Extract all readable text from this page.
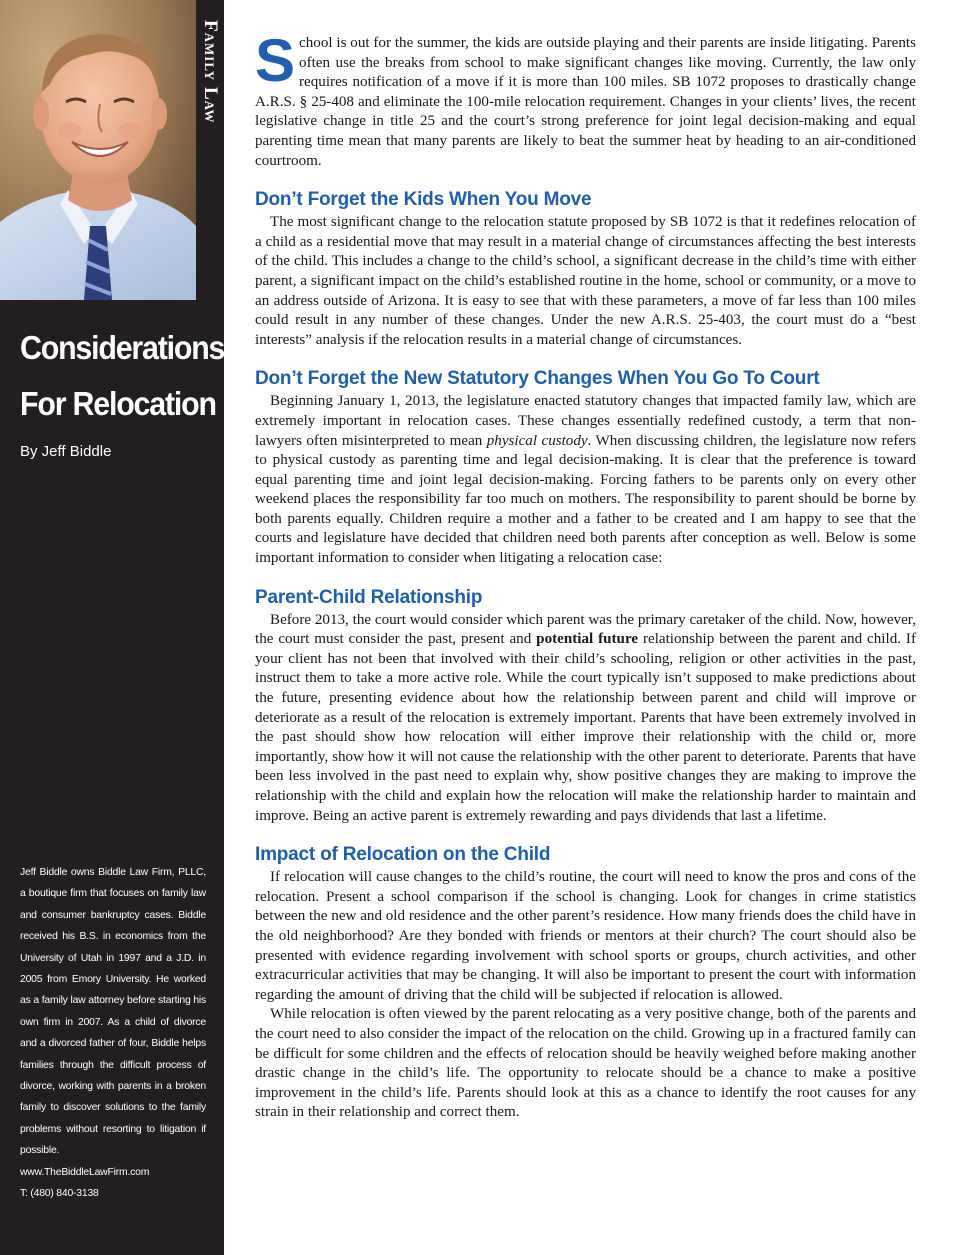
Family Law
Considerations
For Relocation
By Jeff Biddle
Jeff Biddle owns Biddle Law Firm, PLLC, a boutique firm that focuses on family law and consumer bankruptcy cases. Biddle received his B.S. in economics from the University of Utah in 1997 and a J.D. in 2005 from Emory University. He worked as a family law attorney before starting his own firm in 2007. As a child of divorce and a divorced father of four, Biddle helps families through the difficult process of divorce, working with parents in a broken family to discover solutions to the family problems without resorting to litigation if possible.
www.TheBiddleLawFirm.com
T: (480) 840-3138

School is out for the summer, the kids are outside playing and their parents are inside litigating. Parents often use the breaks from school to make significant changes like moving. Currently, the law only requires notification of a move if it is more than 100 miles. SB 1072 proposes to drastically change A.R.S. § 25-408 and eliminate the 100-mile relocation requirement. Changes in your clients’ lives, the recent legislative change in title 25 and the court’s strong preference for joint legal decision-making and equal parenting time mean that many parents are likely to beat the summer heat by heading to an air-conditioned courtroom.

Don’t Forget the Kids When You Move

The most significant change to the relocation statute proposed by SB 1072 is that it redefines relocation of a child as a residential move that may result in a material change of circumstances affecting the best interests of the child. This includes a change to the child’s school, a significant decrease in the child’s time with either parent, a significant impact on the child’s established routine in the home, school or community, or a move to an address outside of Arizona. It is easy to see that with these parameters, a move of far less than 100 miles could result in any number of these changes. Under the new A.R.S. 25-403, the court must do a “best interests” analysis if the relocation results in a material change of circumstances.

Don’t Forget the New Statutory Changes When You Go To Court

Beginning January 1, 2013, the legislature enacted statutory changes that impacted family law, which are extremely important in relocation cases. These changes essentially redefined custody, a term that non-lawyers often misinterpreted to mean physical custody. When discussing children, the legislature now refers to physical custody as parenting time and legal decision-making. It is clear that the preference is toward equal parenting time and joint legal decision-making. Forcing fathers to be parents only on every other weekend places the responsibility far too much on mothers. The responsibility to parent should be borne by both parents equally. Children require a mother and a father to be created and I am happy to see that the courts and legislature have decided that children need both parents after conception as well. Below is some important information to consider when litigating a relocation case:

Parent-Child Relationship

Before 2013, the court would consider which parent was the primary caretaker of the child. Now, however, the court must consider the past, present and potential future relationship between the parent and child. If your client has not been that involved with their child’s schooling, religion or other activities in the past, instruct them to take a more active role. While the court typically isn’t supposed to make predictions about the future, presenting evidence about how the relationship between parent and child will improve or deteriorate as a result of the relocation is extremely important. Parents that have been extremely involved in the past should show how relocation will either improve their relationship with the child or, more importantly, show how it will not cause the relationship with the other parent to deteriorate. Parents that have been less involved in the past need to explain why, show positive changes they are making to improve the relationship with the child and explain how the relocation will make the relationship harder to maintain and improve. Being an active parent is extremely rewarding and pays dividends that last a lifetime.

Impact of Relocation on the Child

If relocation will cause changes to the child’s routine, the court will need to know the pros and cons of the relocation. Present a school comparison if the school is changing. Look for changes in crime statistics between the new and old residence and the other parent’s residence. How many friends does the child have in the old neighborhood? Are they bonded with friends or mentors at their church? The court should also be presented with evidence regarding involvement with school sports or groups, church activities, and other extracurricular activities that may be changing. It will also be important to present the court with information regarding the amount of driving that the child will be subjected if relocation is allowed.

While relocation is often viewed by the parent relocating as a very positive change, both of the parents and the court need to also consider the impact of the relocation on the child. Growing up in a fractured family can be difficult for some children and the effects of relocation should be heavily weighed before making another drastic change in the child’s life. The opportunity to relocate should be a chance to make a positive improvement in the child’s life. Parents should look at this as a chance to identify the root causes for any strain in their relationship and correct them.
